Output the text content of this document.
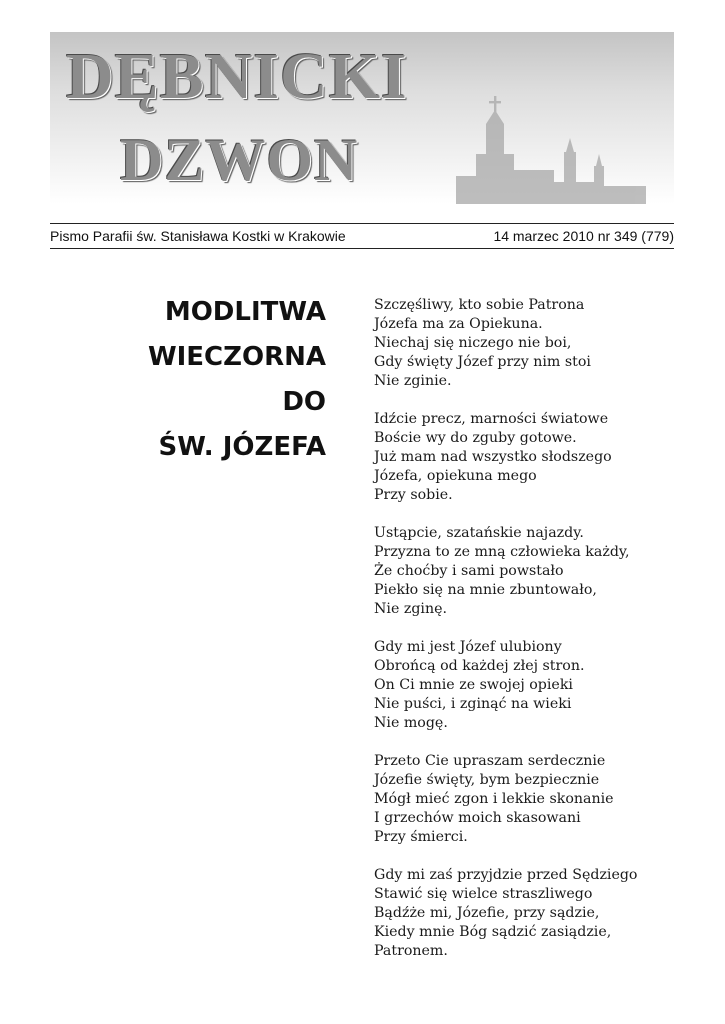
DĘBNICKI
DZWON
Pismo Parafii św. Stanisława Kostki w Krakowie	14 marzec 2010 nr 349 (779)
MODLITWA
WIECZORNA
DO
ŚW. JÓZEFA
Szczęśliwy, kto sobie Patrona
Józefa ma za Opiekuna.
Niechaj się niczego nie boi,
Gdy święty Józef przy nim stoi
Nie zginie.
Idźcie precz, marności światowe
Boście wy do zguby gotowe.
Już mam nad wszystko słodszego
Józefa, opiekuna mego
Przy sobie.
Ustąpcie, szatańskie najazdy.
Przyzna to ze mną człowieka każdy,
Że choćby i sami powstało
Piekło się na mnie zbuntowało,
Nie zginę.
Gdy mi jest Józef ulubiony
Obrońcą od każdej złej stron.
On Ci mnie ze swojej opieki
Nie puści, i zginąć na wieki
Nie mogę.
Przeto Cie upraszam serdecznie
Józefie święty, bym bezpiecznie
Mógł mieć zgon i lekkie skonanie
I grzechów moich skasowani
Przy śmierci.
Gdy mi zaś przyjdzie przed Sędziego
Stawić się wielce straszliwego
Bądźże mi, Józefie, przy sądzie,
Kiedy mnie Bóg sądzić zasiądzie,
Patronem.
